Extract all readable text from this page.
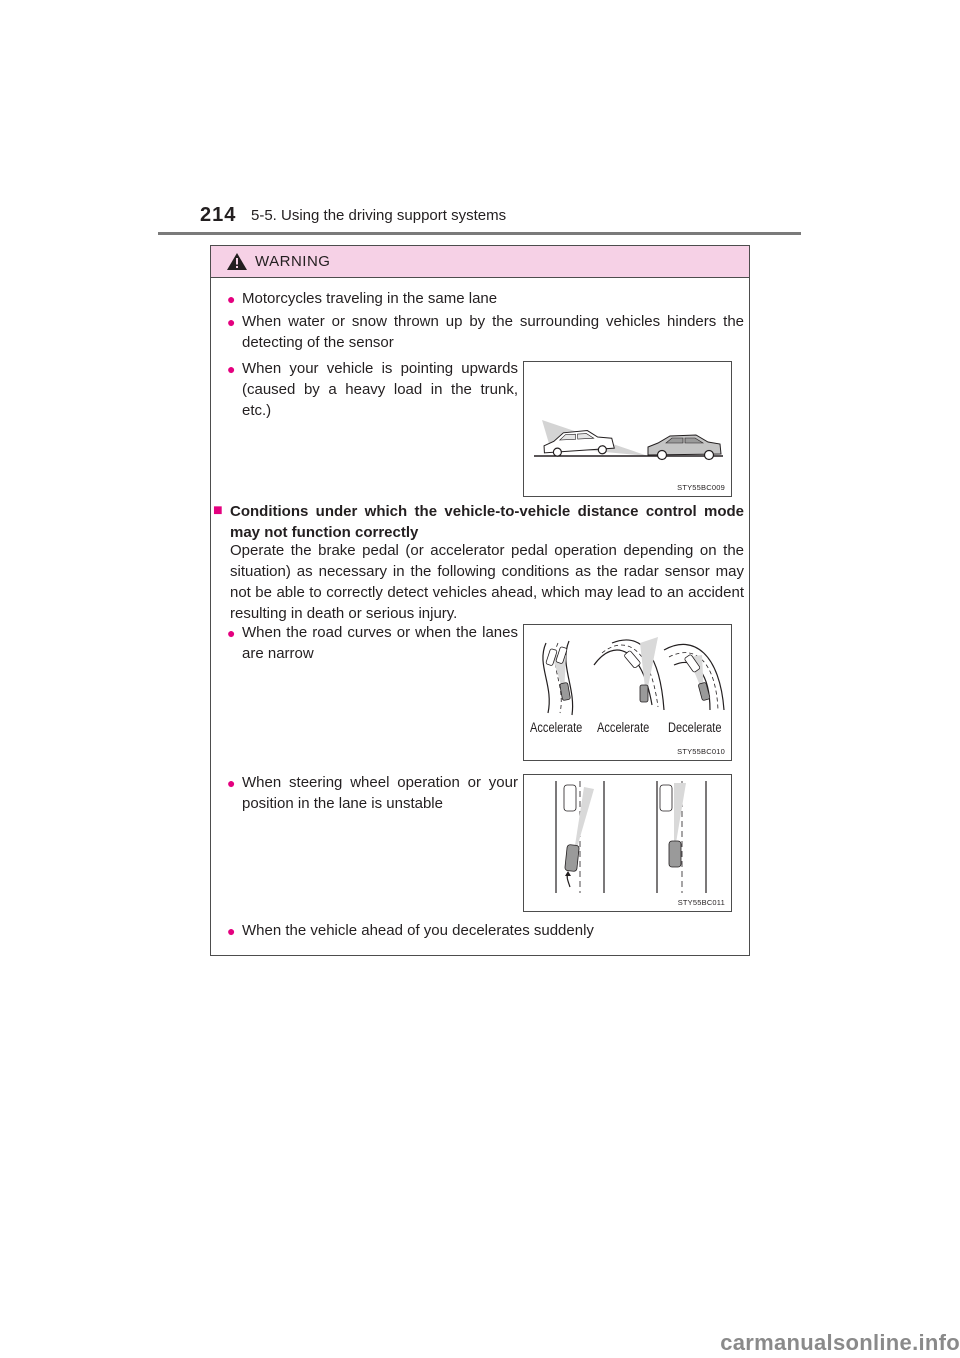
214 5-5. Using the driving support systems
WARNING
● Motorcycles traveling in the same lane
● When water or snow thrown up by the surrounding vehicles hinders the detecting of the sensor
● When your vehicle is pointing upwards (caused by a heavy load in the trunk, etc.)
STY55BC009
■ Conditions under which the vehicle-to-vehicle distance control mode may not function correctly
Operate the brake pedal (or accelerator pedal operation depending on the situation) as necessary in the following conditions as the radar sensor may not be able to correctly detect vehicles ahead, which may lead to an accident resulting in death or serious injury.
● When the road curves or when the lanes are narrow
Accelerate Accelerate Decelerate
STY55BC010
● When steering wheel operation or your position in the lane is unstable
STY55BC011
● When the vehicle ahead of you decelerates suddenly
carmanualsonline.info
